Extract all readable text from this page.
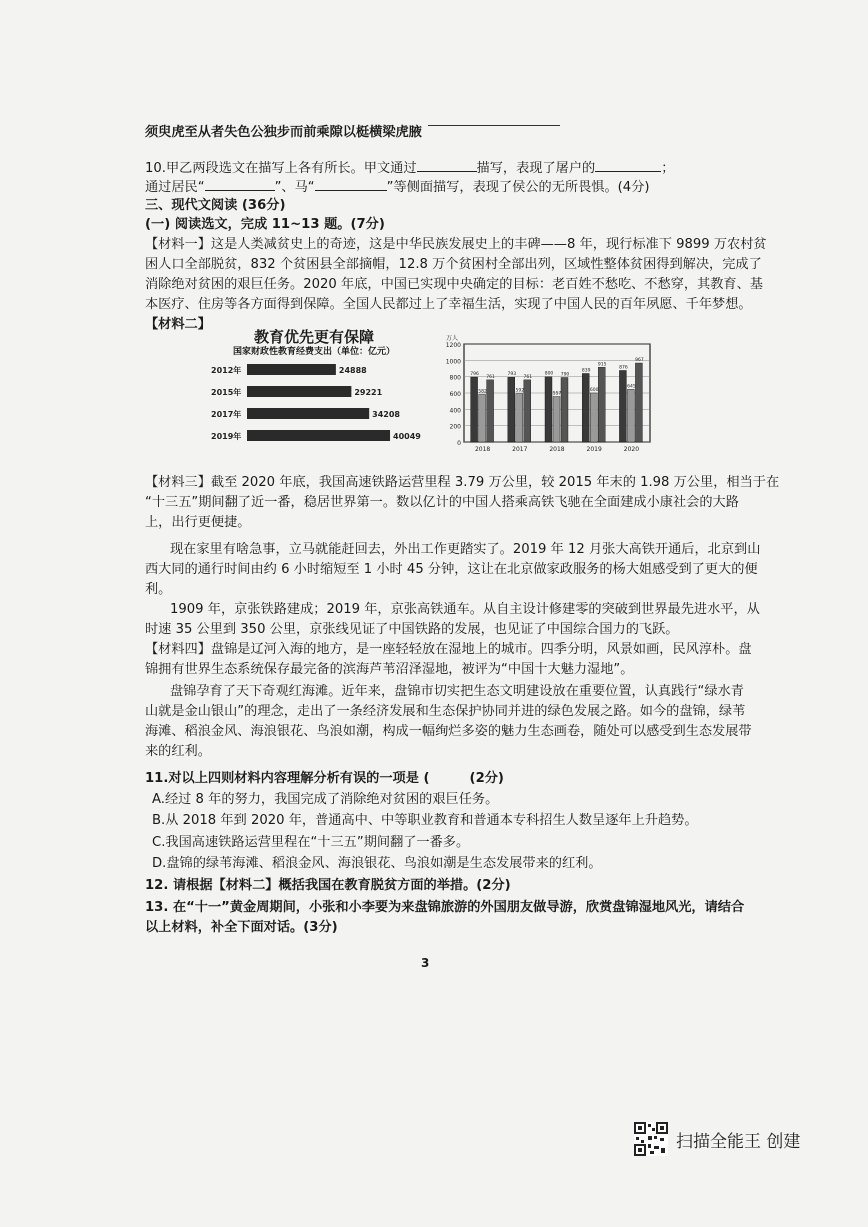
须臾虎至从者失色公独步而前乘隙以梃横梁虎腋
10.甲乙两段选文在描写上各有所长。甲文通过	描写，表现了屠户的	；
通过居民“	”、马“	”等侧面描写，表现了侯公的无所畏惧。(4分)
三、现代文阅读 (36分)
(一) 阅读选文，完成 11~13 题。(7分)
【材料一】这是人类减贫史上的奇迹，这是中华民族发展史上的丰碑——8 年，现行标准下 9899 万农村贫
困人口全部脱贫，832 个贫困县全部摘帽，12.8 万个贫困村全部出列，区域性整体贫困得到解决，完成了
消除绝对贫困的艰巨任务。2020 年底，中国已实现中央确定的目标：老百姓不愁吃、不愁穿，其教育、基
本医疗、住房等各方面得到保障。全国人民都过上了幸福生活，实现了中国人民的百年夙愿、千年梦想。
【材料二】
教育优先更有保障
国家财政性教育经费支出（单位：亿元）
2012年	24888
2015年	29221
2017年	34208
2019年	40049
0
200
400
600
800
1000
1200
万人
796
582
761
2018
793
592
761
2017
800
557
790
2018
839
600
915
2019
876
645
967
2020
【材料三】截至 2020 年底，我国高速铁路运营里程 3.79 万公里，较 2015 年末的 1.98 万公里，相当于在
“十三五”期间翻了近一番，稳居世界第一。数以亿计的中国人搭乘高铁飞驰在全面建成小康社会的大路
上，出行更便捷。
现在家里有啥急事，立马就能赶回去，外出工作更踏实了。2019 年 12 月张大高铁开通后，北京到山
西大同的通行时间由约 6 小时缩短至 1 小时 45 分钟，这让在北京做家政服务的杨大姐感受到了更大的便
利。
1909 年，京张铁路建成；2019 年，京张高铁通车。从自主设计修建零的突破到世界最先进水平，从
时速 35 公里到 350 公里，京张线见证了中国铁路的发展，也见证了中国综合国力的飞跃。
【材料四】盘锦是辽河入海的地方，是一座轻轻放在湿地上的城市。四季分明，风景如画，民风淳朴。盘
锦拥有世界生态系统保存最完备的滨海芦苇沼泽湿地，被评为“中国十大魅力湿地”。
盘锦孕育了天下奇观红海滩。近年来，盘锦市切实把生态文明建设放在重要位置，认真践行“绿水青
山就是金山银山”的理念，走出了一条经济发展和生态保护协同并进的绿色发展之路。如今的盘锦，绿苇
海滩、稻浪金风、海浪银花、鸟浪如潮，构成一幅绚烂多姿的魅力生态画卷，随处可以感受到生态发展带
来的红利。
11.对以上四则材料内容理解分析有误的一项是 (	(2分)
A.经过 8 年的努力，我国完成了消除绝对贫困的艰巨任务。
B.从 2018 年到 2020 年，普通高中、中等职业教育和普通本专科招生人数呈逐年上升趋势。
C.我国高速铁路运营里程在“十三五”期间翻了一番多。
D.盘锦的绿苇海滩、稻浪金风、海浪银花、鸟浪如潮是生态发展带来的红利。
12. 请根据【材料二】概括我国在教育脱贫方面的举措。(2分)
13. 在“十一”黄金周期间，小张和小李要为来盘锦旅游的外国朋友做导游，欣赏盘锦湿地风光，请结合
以上材料，补全下面对话。(3分)
3
扫描全能王 创建
